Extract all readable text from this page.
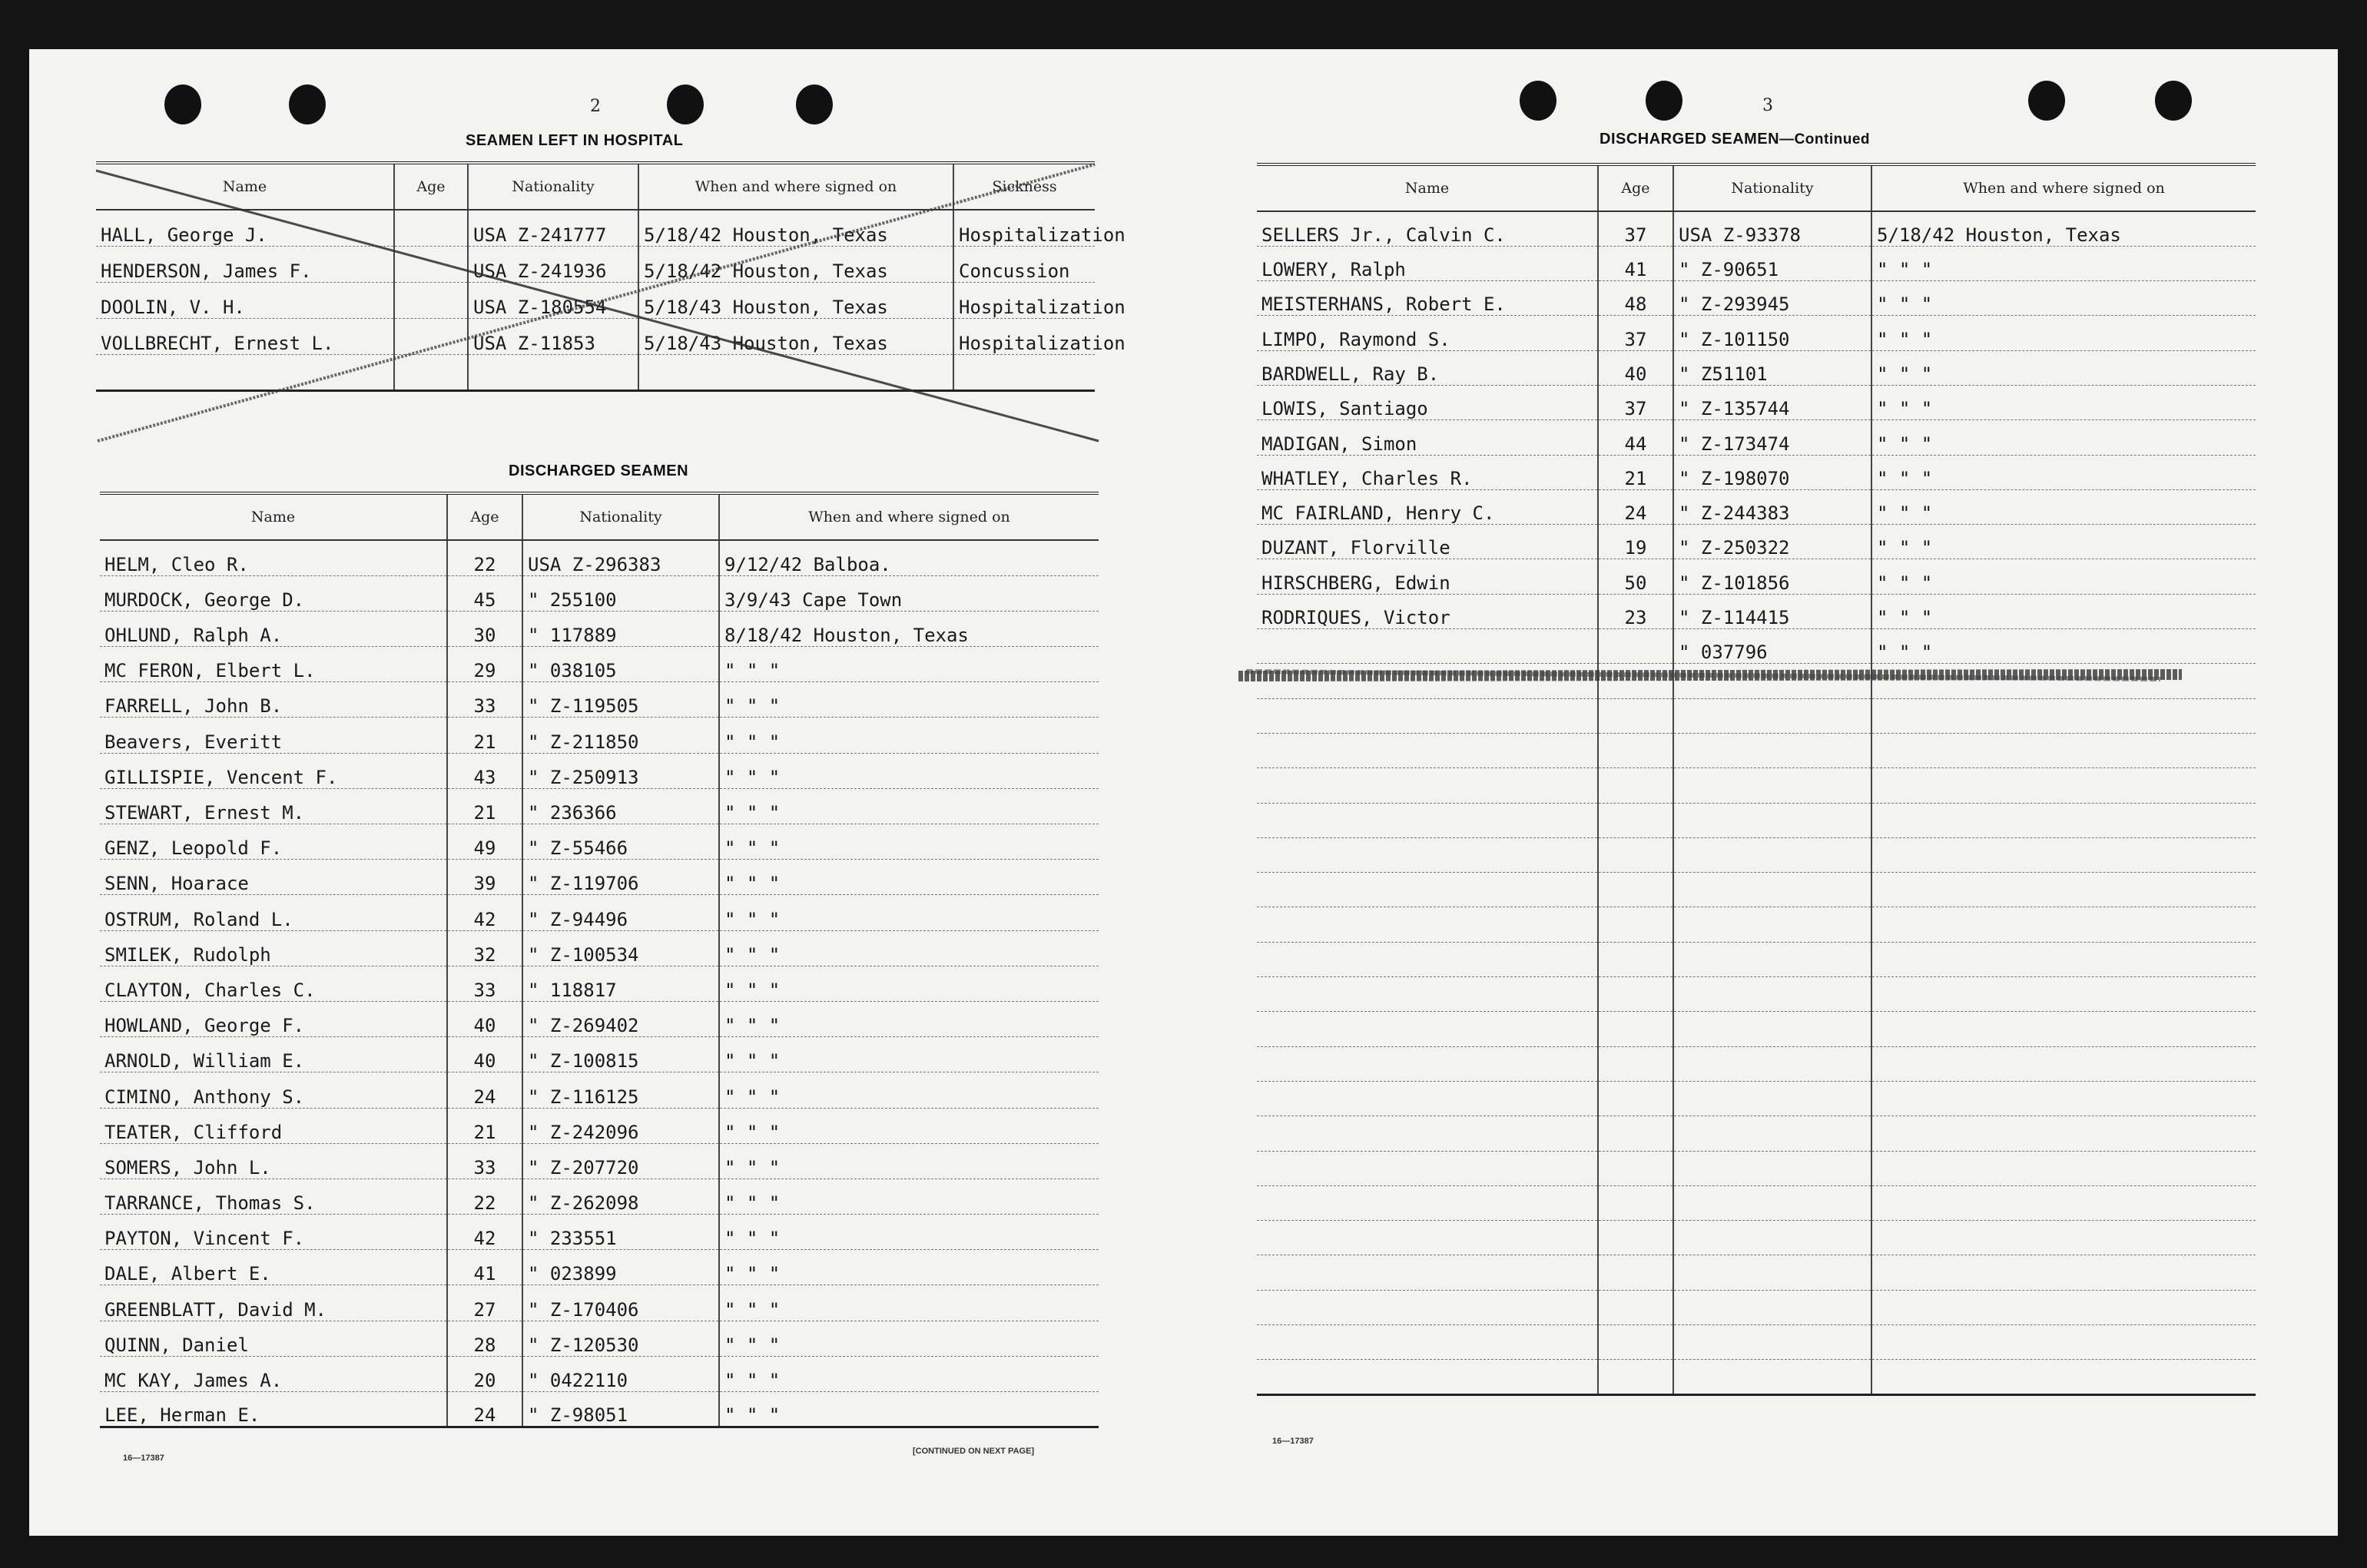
2
SEAMEN LEFT IN HOSPITAL
Name	Age	Nationality	When and where signed on	Sickness
HALL, George J.		USA Z-241777	5/18/42 Houston, Texas	Hospitalization
HENDERSON, James F.		USA Z-241936	5/18/42 Houston, Texas	Concussion
DOOLIN, V. H.		USA Z-180554	5/18/43 Houston, Texas	Hospitalization
VOLLBRECHT, Ernest L.		USA Z-11853	5/18/43 Houston, Texas	Hospitalization

DISCHARGED SEAMEN
Name	Age	Nationality	When and where signed on
HELM, Cleo R.	22	USA Z-296383	9/12/42 Balboa.
MURDOCK, George D.	45	" 255100	3/9/43 Cape Town
OHLUND, Ralph A.	30	" 117889	8/18/42 Houston, Texas
MC FERON, Elbert L.	29	" 038105	" " "
FARRELL, John B.	33	" Z-119505	" " "
Beavers, Everitt	21	" Z-211850	" " "
GILLISPIE, Vencent F.	43	" Z-250913	" " "
STEWART, Ernest M.	21	" 236366	" " "
GENZ, Leopold F.	49	" Z-55466	" " "
SENN, Hoarace	39	" Z-119706	" " "
OSTRUM, Roland L.	42	" Z-94496	" " "
SMILEK, Rudolph	32	" Z-100534	" " "
CLAYTON, Charles C.	33	" 118817	" " "
HOWLAND, George F.	40	" Z-269402	" " "
ARNOLD, William E.	40	" Z-100815	" " "
CIMINO, Anthony S.	24	" Z-116125	" " "
TEATER, Clifford	21	" Z-242096	" " "
SOMERS, John L.	33	" Z-207720	" " "
TARRANCE, Thomas S.	22	" Z-262098	" " "
PAYTON, Vincent F.	42	" 233551	" " "
DALE, Albert E.	41	" 023899	" " "
GREENBLATT, David M.	27	" Z-170406	" " "
QUINN, Daniel	28	" Z-120530	" " "
MC KAY, James A.	20	" 0422110	" " "
LEE, Herman E.	24	" Z-98051	" " "
16—17387
[CONTINUED ON NEXT PAGE]
3
DISCHARGED SEAMEN—Continued
Name	Age	Nationality	When and where signed on
SELLERS Jr., Calvin C.	37	USA Z-93378	5/18/42 Houston, Texas
LOWERY, Ralph	41	" Z-90651	" " "
MEISTERHANS, Robert E.	48	" Z-293945	" " "
LIMPO, Raymond S.	37	" Z-101150	" " "
BARDWELL, Ray B.	40	" Z51101	" " "
LOWIS, Santiago	37	" Z-135744	" " "
MADIGAN, Simon	44	" Z-173474	" " "
WHATLEY, Charles R.	21	" Z-198070	" " "
MC FAIRLAND, Henry C.	24	" Z-244383	" " "
DUZANT, Florville	19	" Z-250322	" " "
HIRSCHBERG, Edwin	50	" Z-101856	" " "
RODRIQUES, Victor	23	" Z-114415	" " "
		" 037796	" " "

16—17387
